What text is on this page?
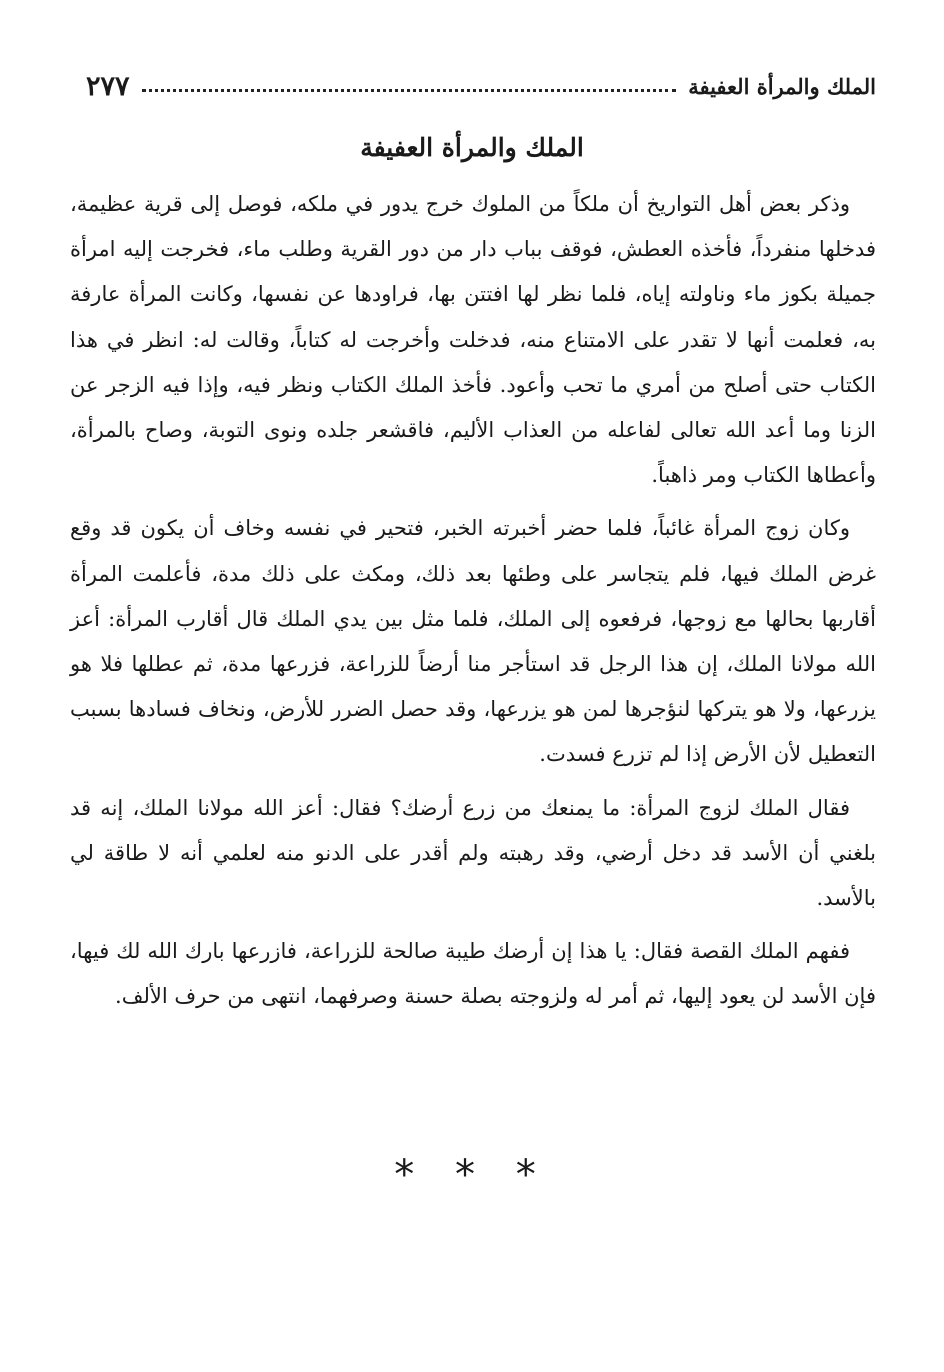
الملك والمرأة العفيفة
٢٧٧
الملك والمرأة العفيفة

وذكر بعض أهل التواريخ أن ملكاً من الملوك خرج يدور في ملكه، فوصل إلى قرية عظيمة، فدخلها منفرداً، فأخذه العطش، فوقف بباب دار من دور القرية وطلب ماء، فخرجت إليه امرأة جميلة بكوز ماء وناولته إياه، فلما نظر لها افتتن بها، فراودها عن نفسها، وكانت المرأة عارفة به، فعلمت أنها لا تقدر على الامتناع منه، فدخلت وأخرجت له كتاباً، وقالت له: انظر في هذا الكتاب حتى أصلح من أمري ما تحب وأعود. فأخذ الملك الكتاب ونظر فيه، وإذا فيه الزجر عن الزنا وما أعد الله تعالى لفاعله من العذاب الأليم، فاقشعر جلده ونوى التوبة، وصاح بالمرأة، وأعطاها الكتاب ومر ذاهباً.

وكان زوج المرأة غائباً، فلما حضر أخبرته الخبر، فتحير في نفسه وخاف أن يكون قد وقع غرض الملك فيها، فلم يتجاسر على وطئها بعد ذلك، ومكث على ذلك مدة، فأعلمت المرأة أقاربها بحالها مع زوجها، فرفعوه إلى الملك، فلما مثل بين يدي الملك قال أقارب المرأة: أعز الله مولانا الملك، إن هذا الرجل قد استأجر منا أرضاً للزراعة، فزرعها مدة، ثم عطلها فلا هو يزرعها، ولا هو يتركها لنؤجرها لمن هو يزرعها، وقد حصل الضرر للأرض، ونخاف فسادها بسبب التعطيل لأن الأرض إذا لم تزرع فسدت.

فقال الملك لزوج المرأة: ما يمنعك من زرع أرضك؟ فقال: أعز الله مولانا الملك، إنه قد بلغني أن الأسد قد دخل أرضي، وقد رهبته ولم أقدر على الدنو منه لعلمي أنه لا طاقة لي بالأسد.

ففهم الملك القصة فقال: يا هذا إن أرضك طيبة صالحة للزراعة، فازرعها بارك الله لك فيها، فإن الأسد لن يعود إليها، ثم أمر له ولزوجته بصلة حسنة وصرفهما، انتهى من حرف الألف.

* * *
